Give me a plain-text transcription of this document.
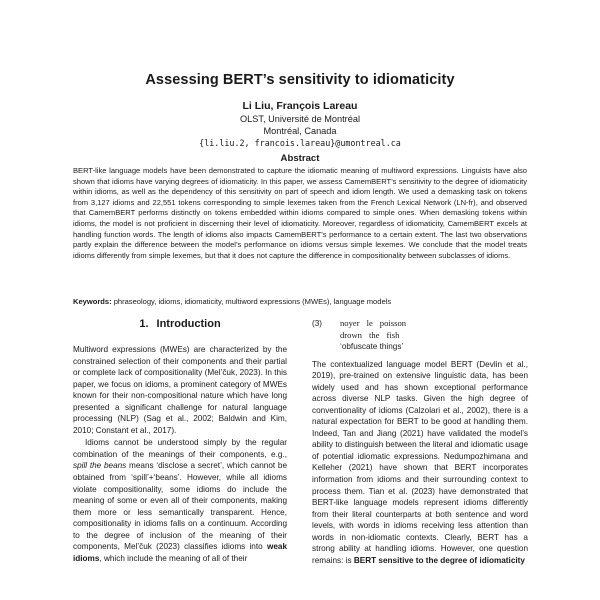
Assessing BERT’s sensitivity to idiomaticity
Li Liu, François Lareau
OLST, Université de Montréal
Montréal, Canada
{li.liu.2, francois.lareau}@umontreal.ca
Abstract

BERT-like language models have been demonstrated to capture the idiomatic meaning of multiword expressions. Linguists have also shown that idioms have varying degrees of idiomaticity. In this paper, we assess CamemBERT’s sensitivity to the degree of idiomaticity within idioms, as well as the dependency of this sensitivity on part of speech and idiom length. We used a demasking task on tokens from 3,127 idioms and 22,551 tokens corresponding to simple lexemes taken from the French Lexical Network (LN-fr), and observed that CamemBERT performs distinctly on tokens embedded within idioms compared to simple ones. When demasking tokens within idioms, the model is not proficient in discerning their level of idiomaticity. Moreover, regardless of idiomaticity, CamemBERT excels at handling function words. The length of idioms also impacts CamemBERT’s performance to a certain extent. The last two observations partly explain the difference between the model’s performance on idioms versus simple lexemes. We conclude that the model treats idioms differently from simple lexemes, but that it does not capture the difference in compositionality between subclasses of idioms.

Keywords: phraseology, idioms, idiomaticity, multiword expressions (MWEs), language models

1. Introduction

Multiword expressions (MWEs) are characterized by the constrained selection of their components and their partial or complete lack of compositionality (Mel’čuk, 2023). In this paper, we focus on idioms, a prominent category of MWEs known for their non-compositional nature which have long presented a significant challenge for natural language processing (NLP) (Sag et al., 2002; Baldwin and Kim, 2010; Constant et al., 2017).

Idioms cannot be understood simply by the regular combination of the meanings of their components, e.g., spill the beans means ‘disclose a secret’, which cannot be obtained from ‘spill’+‘beans’. However, while all idioms violate compositionality, some idioms do include the meaning of some or even all of their components, making them more or less semantically transparent. Hence, compositionality in idioms falls on a continuum. According to the degree of inclusion of the meaning of their components, Mel’čuk (2023) classifies idioms into weak idioms, which include the meaning of all of their

(3)	noyer le poisson
drown the fish
‘obfuscate things’

The contextualized language model BERT (Devlin et al., 2019), pre-trained on extensive linguistic data, has been widely used and has shown exceptional performance across diverse NLP tasks. Given the high degree of conventionality of idioms (Calzolari et al., 2002), there is a natural expectation for BERT to be good at handling them. Indeed, Tan and Jiang (2021) have validated the model’s ability to distinguish between the literal and idiomatic usage of potential idiomatic expressions. Nedumpozhimana and Kelleher (2021) have shown that BERT incorporates information from idioms and their surrounding context to process them. Tian et al. (2023) have demonstrated that BERT-like language models represent idioms differently from their literal counterparts at both sentence and word levels, with words in idioms receiving less attention than words in non-idiomatic contexts. Clearly, BERT has a strong ability at handling idioms. However, one question remains: is BERT sensitive to the degree of idiomaticity
